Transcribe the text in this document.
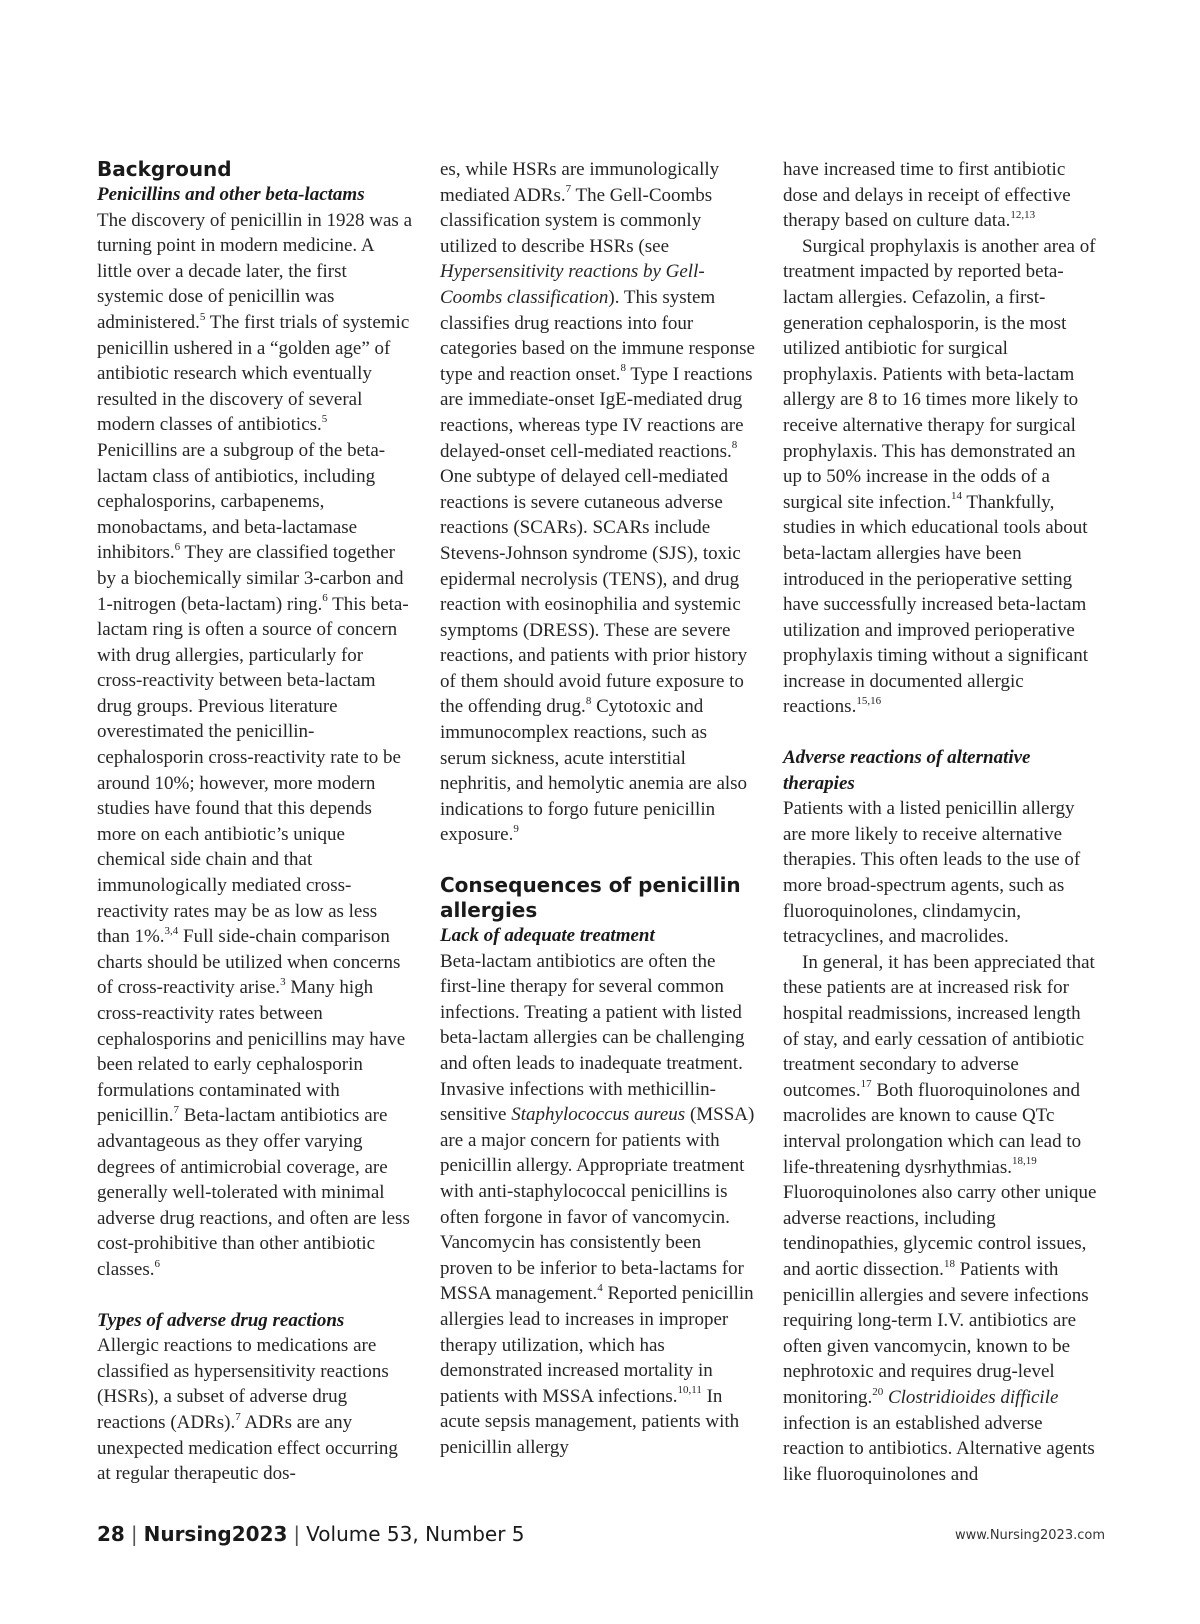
Background
Penicillins and other beta-lactams

The discovery of penicillin in 1928 was a turning point in modern medicine. A little over a decade later, the first systemic dose of penicillin was administered.$^5$ The first trials of systemic penicillin ushered in a “golden age” of antibiotic research which eventually resulted in the discovery of several modern classes of antibiotics.$^5$ Penicillins are a subgroup of the beta-lactam class of antibiotics, including cephalosporins, carbapenems, monobactams, and beta-lactamase inhibitors.$^6$ They are classified together by a biochemically similar 3-carbon and 1-nitrogen (beta-lactam) ring.$^6$ This beta-lactam ring is often a source of concern with drug allergies, particularly for cross-reactivity between beta-lactam drug groups. Previous literature overestimated the penicillin-cephalosporin cross-reactivity rate to be around 10%; however, more modern studies have found that this depends more on each antibiotic’s unique chemical side chain and that immunologically mediated cross-reactivity rates may be as low as less than 1%.$^{3,4}$ Full side-chain comparison charts should be utilized when concerns of cross-reactivity arise.$^3$ Many high cross-reactivity rates between cephalosporins and penicillins may have been related to early cephalosporin formulations contaminated with penicillin.$^7$ Beta-lactam antibiotics are advantageous as they offer varying degrees of antimicrobial coverage, are generally well-tolerated with minimal adverse drug reactions, and often are less cost-prohibitive than other antibiotic classes.$^6$

Types of adverse drug reactions

Allergic reactions to medications are classified as hypersensitivity reactions (HSRs), a subset of adverse drug reactions (ADRs).$^7$ ADRs are any unexpected medication effect occurring at regular therapeutic dos-

es, while HSRs are immunologically mediated ADRs.$^7$ The Gell-Coombs classification system is commonly utilized to describe HSRs (see Hypersensitivity reactions by Gell-Coombs classification). This system classifies drug reactions into four categories based on the immune response type and reaction onset.$^8$ Type I reactions are immediate-onset IgE-mediated drug reactions, whereas type IV reactions are delayed-onset cell-mediated reactions.$^8$ One subtype of delayed cell-mediated reactions is severe cutaneous adverse reactions (SCARs). SCARs include Stevens-Johnson syndrome (SJS), toxic epidermal necrolysis (TENS), and drug reaction with eosinophilia and systemic symptoms (DRESS). These are severe reactions, and patients with prior history of them should avoid future exposure to the offending drug.$^8$ Cytotoxic and immunocomplex reactions, such as serum sickness, acute interstitial nephritis, and hemolytic anemia are also indications to forgo future penicillin exposure.$^9$

Consequences of penicillin allergies
Lack of adequate treatment

Beta-lactam antibiotics are often the first-line therapy for several common infections. Treating a patient with listed beta-lactam allergies can be challenging and often leads to inadequate treatment. Invasive infections with methicillin-sensitive Staphylococcus aureus (MSSA) are a major concern for patients with penicillin allergy. Appropriate treatment with anti-staphylococcal penicillins is often forgone in favor of vancomycin. Vancomycin has consistently been proven to be inferior to beta-lactams for MSSA management.$^4$ Reported penicillin allergies lead to increases in improper therapy utilization, which has demonstrated increased mortality in patients with MSSA infections.$^{10,11}$ In acute sepsis management, patients with penicillin allergy

have increased time to first antibiotic dose and delays in receipt of effective therapy based on culture data.$^{12,13}$

Surgical prophylaxis is another area of treatment impacted by reported beta-lactam allergies. Cefazolin, a first-generation cephalosporin, is the most utilized antibiotic for surgical prophylaxis. Patients with beta-lactam allergy are 8 to 16 times more likely to receive alternative therapy for surgical prophylaxis. This has demonstrated an up to 50% increase in the odds of a surgical site infection.$^{14}$ Thankfully, studies in which educational tools about beta-lactam allergies have been introduced in the perioperative setting have successfully increased beta-lactam utilization and improved perioperative prophylaxis timing without a significant increase in documented allergic reactions.$^{15,16}$

Adverse reactions of alternative therapies

Patients with a listed penicillin allergy are more likely to receive alternative therapies. This often leads to the use of more broad-spectrum agents, such as fluoroquinolones, clindamycin, tetracyclines, and macrolides.

In general, it has been appreciated that these patients are at increased risk for hospital readmissions, increased length of stay, and early cessation of antibiotic treatment secondary to adverse outcomes.$^{17}$ Both fluoroquinolones and macrolides are known to cause QTc interval prolongation which can lead to life-threatening dysrhythmias.$^{18,19}$ Fluoroquinolones also carry other unique adverse reactions, including tendinopathies, glycemic control issues, and aortic dissection.$^{18}$ Patients with penicillin allergies and severe infections requiring long-term I.V. antibiotics are often given vancomycin, known to be nephrotoxic and requires drug-level monitoring.$^{20}$ Clostridioides difficile infection is an established adverse reaction to antibiotics. Alternative agents like fluoroquinolones and

28 | Nursing2023 | Volume 53, Number 5	www.Nursing2023.com
